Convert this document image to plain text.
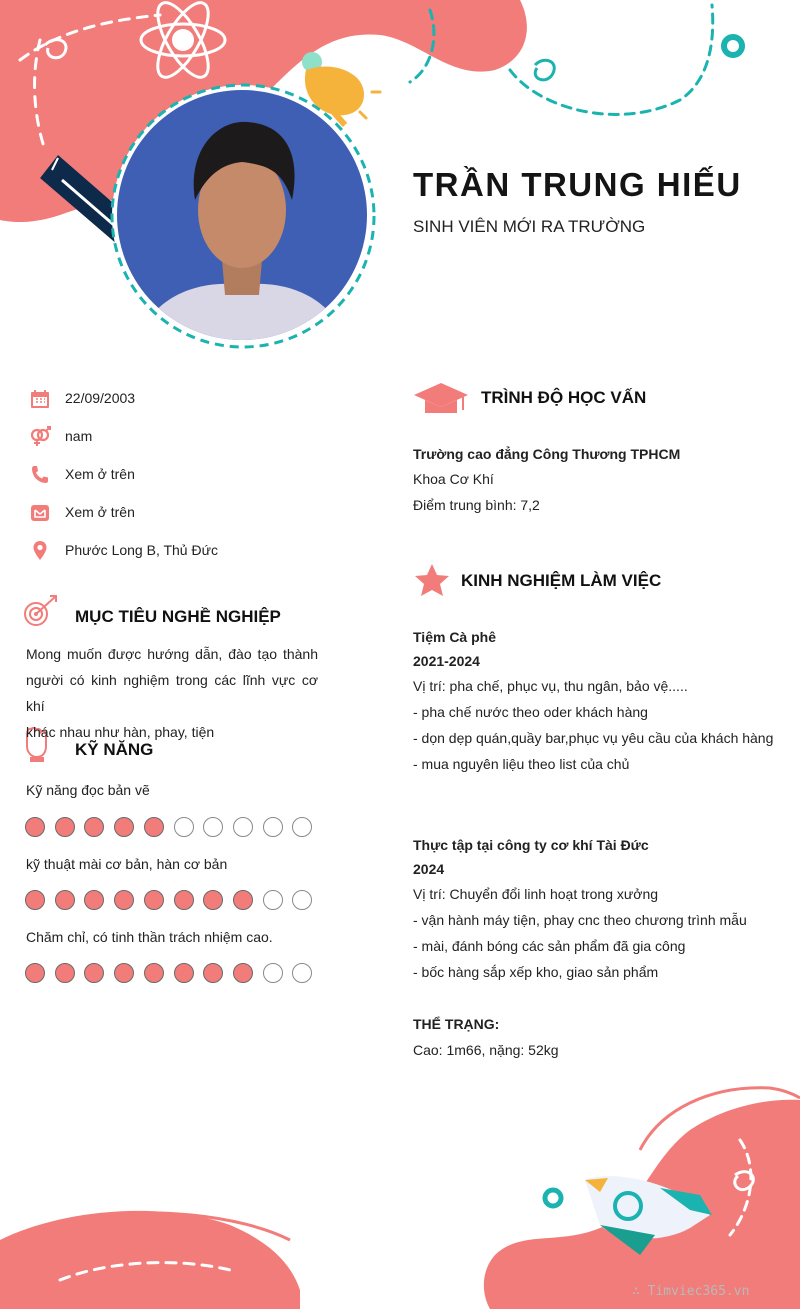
TRẦN TRUNG HIẾU
SINH VIÊN MỚI RA TRƯỜNG
22/09/2003
nam
Xem ở trên
Xem ở trên
Phước Long B, Thủ Đức
MỤC TIÊU NGHỀ NGHIỆP
Mong muốn được hướng dẫn, đào tạo thành
người có kinh nghiệm trong các lĩnh vực cơ khí
khác nhau như hàn, phay, tiện
KỸ NĂNG
Kỹ năng đọc bản vẽ
kỹ thuật mài cơ bản, hàn cơ bản
Chăm chỉ, có tinh thần trách nhiệm cao.
TRÌNH ĐỘ HỌC VẤN
Trường cao đẳng Công Thương TPHCM
Khoa Cơ Khí
Điểm trung bình: 7,2
KINH NGHIỆM LÀM VIỆC
Tiệm Cà phê
2021-2024
Vị trí: pha chế, phục vụ, thu ngân, bảo vệ.....
- pha chế nước theo oder khách hàng
- dọn dẹp quán,quầy bar,phục vụ yêu cầu của khách hàng
- mua nguyên liệu theo list của chủ
Thực tập tại công ty cơ khí Tài Đức
2024
Vị trí: Chuyển đổi linh hoạt trong xưởng
- vận hành máy tiện, phay cnc theo chương trình mẫu
- mài, đánh bóng các sản phẩm đã gia công
- bốc hàng sắp xếp kho, giao sản phẩm
THỂ TRẠNG:
Cao: 1m66, nặng: 52kg
∴ Timviec365.vn
